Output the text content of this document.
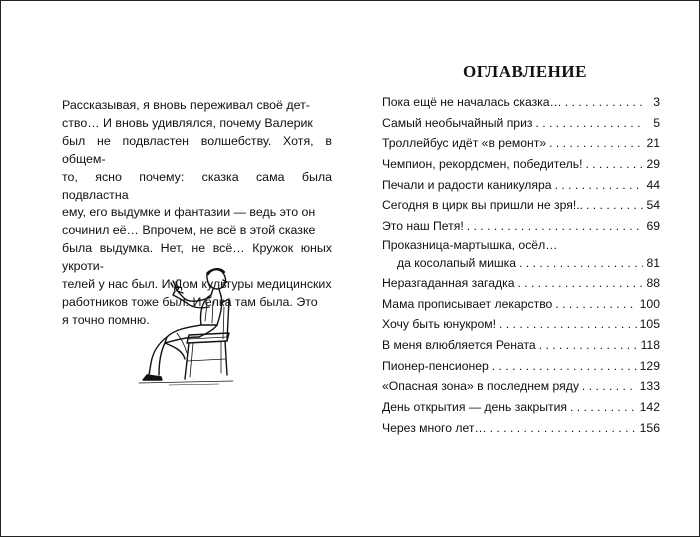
Рассказывая, я вновь переживал своё дет-

ство… И вновь удивлялся, почему Валерик

был не подвластен волшебству. Хотя, в общем-

то, ясно почему: сказка сама была подвластна

ему, его выдумке и фантазии — ведь это он

сочинил её… Впрочем, не всё в этой сказке

была выдумка. Нет, не всё… Кружок юных укроти-

телей у нас был. И Дом культуры медицинских

работников тоже был. И ёлка там была. Это

я точно помню.

ОГЛАВЛЕНИЕ
Пока ещё не началась сказка… . . .	3
Самый необычайный приз . . .	5
Троллейбус идёт «в ремонт» . . .	21
Чемпион, рекордсмен, победитель! . . .	29
Печали и радости каникуляра . . .	44
Сегодня в цирк вы пришли не зря!.. . . .	54
Это наш Петя! . . .	69
Проказница-мартышка, осёл…
да косолапый мишка . . .	81
Неразгаданная загадка . . .	88
Мама прописывает лекарство . . .	100
Хочу быть юнукром! . . .	105
В меня влюбляется Рената . . .	118
Пионер-пенсионер . . .	129
«Опасная зона» в последнем ряду . . .	133
День открытия — день закрытия . . .	142
Через много лет… . . .	156
